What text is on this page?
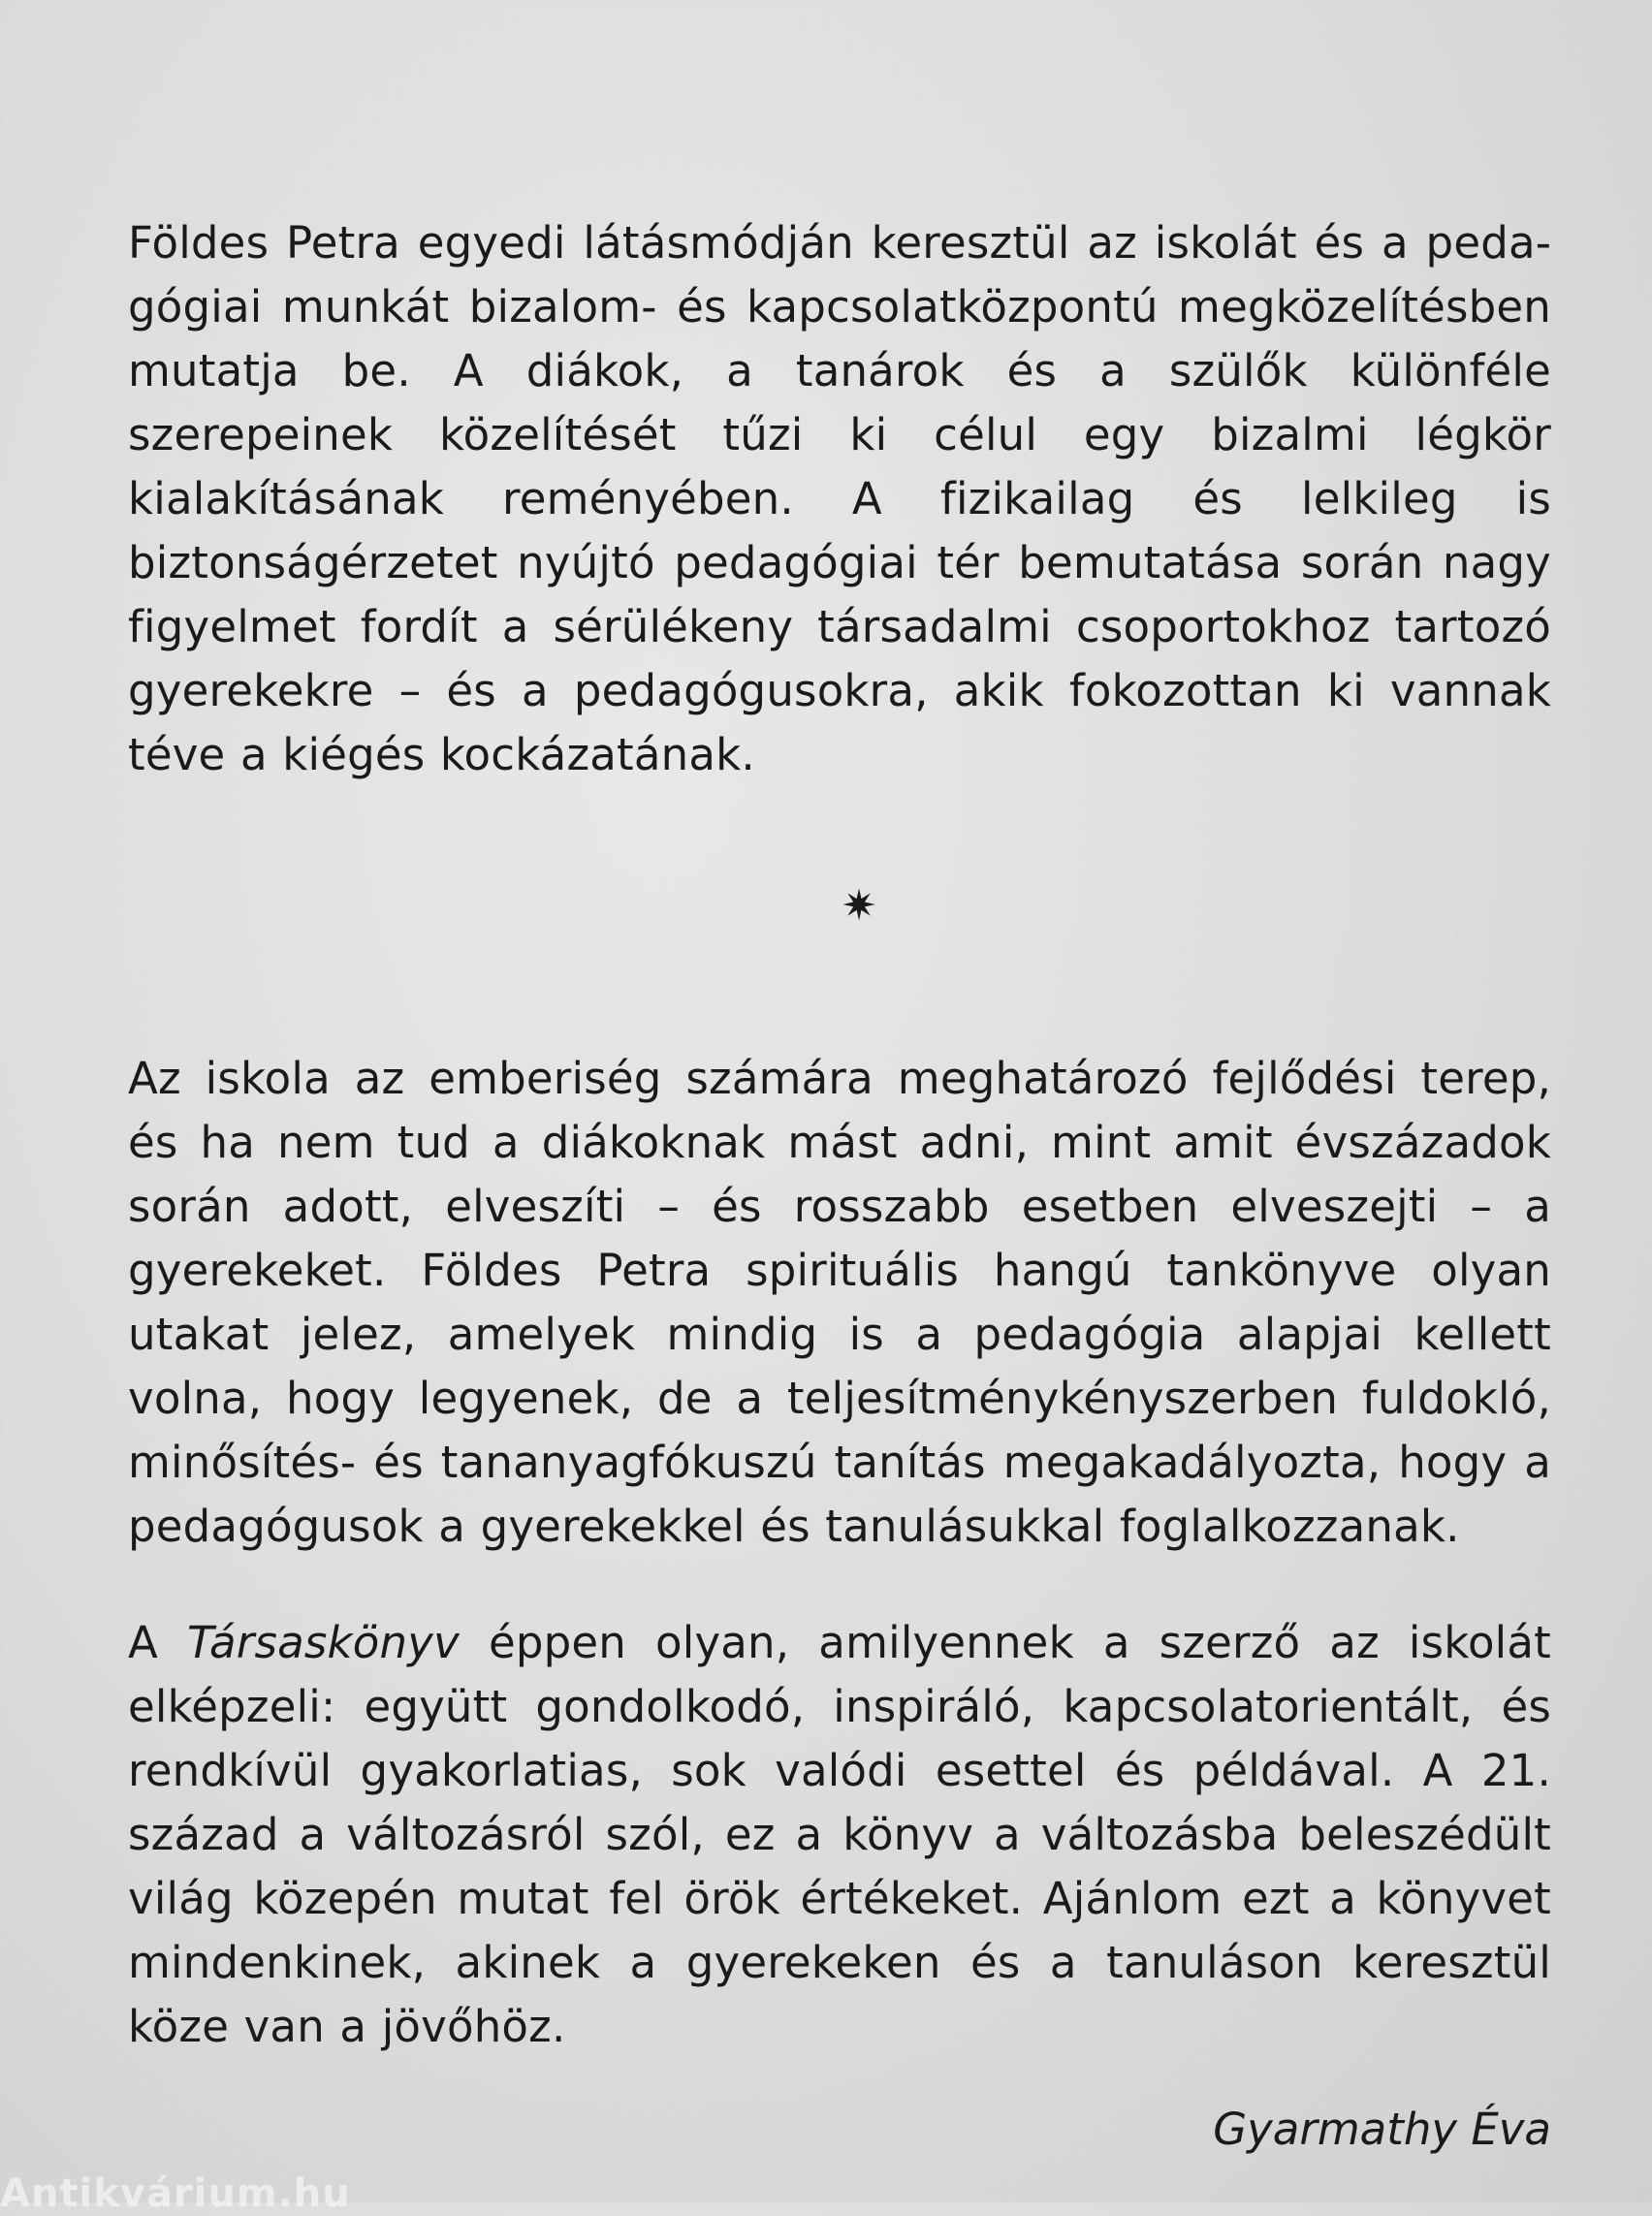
Földes Petra egyedi látásmódján keresztül az iskolát és a pedagógiai munkát bizalom- és kapcsolatközpontú megközelítésben mutatja be. A diákok, a tanárok és a szülők különféle szerepeinek közelítését tűzi ki célul egy bizalmi légkör kialakításának reményében. A fizikailag és lelkileg is biztonságérzetet nyújtó pedagógiai tér bemutatása során nagy figyelmet fordít a sérülékeny társadalmi csoportokhoz tartozó gyerekekre – és a pedagógusokra, akik fokozottan ki vannak téve a kiégés kockázatának.

✷

Az iskola az emberiség számára meghatározó fejlődési terep, és ha nem tud a diákoknak mást adni, mint amit évszázadok során adott, elveszíti – és rosszabb esetben elveszejti – a gyerekeket. Földes Petra spirituális hangú tankönyve olyan utakat jelez, amelyek mindig is a pedagógia alapjai kellett volna, hogy legyenek, de a teljesítménykényszerben fuldokló, minősítés- és tananyagfókuszú tanítás megakadályozta, hogy a pedagógusok a gyerekekkel és tanulásukkal foglalkozzanak.

A Társaskönyv éppen olyan, amilyennek a szerző az iskolát elképzeli: együtt gondolkodó, inspiráló, kapcsolatorientált, és rendkívül gyakorlatias, sok valódi esettel és példával. A 21. század a változásról szól, ez a könyv a változásba beleszédült világ közepén mutat fel örök értékeket. Ajánlom ezt a könyvet mindenkinek, akinek a gyerekeken és a tanuláson keresztül köze van a jövőhöz.

Gyarmathy Éva
Antikvárium.hu
